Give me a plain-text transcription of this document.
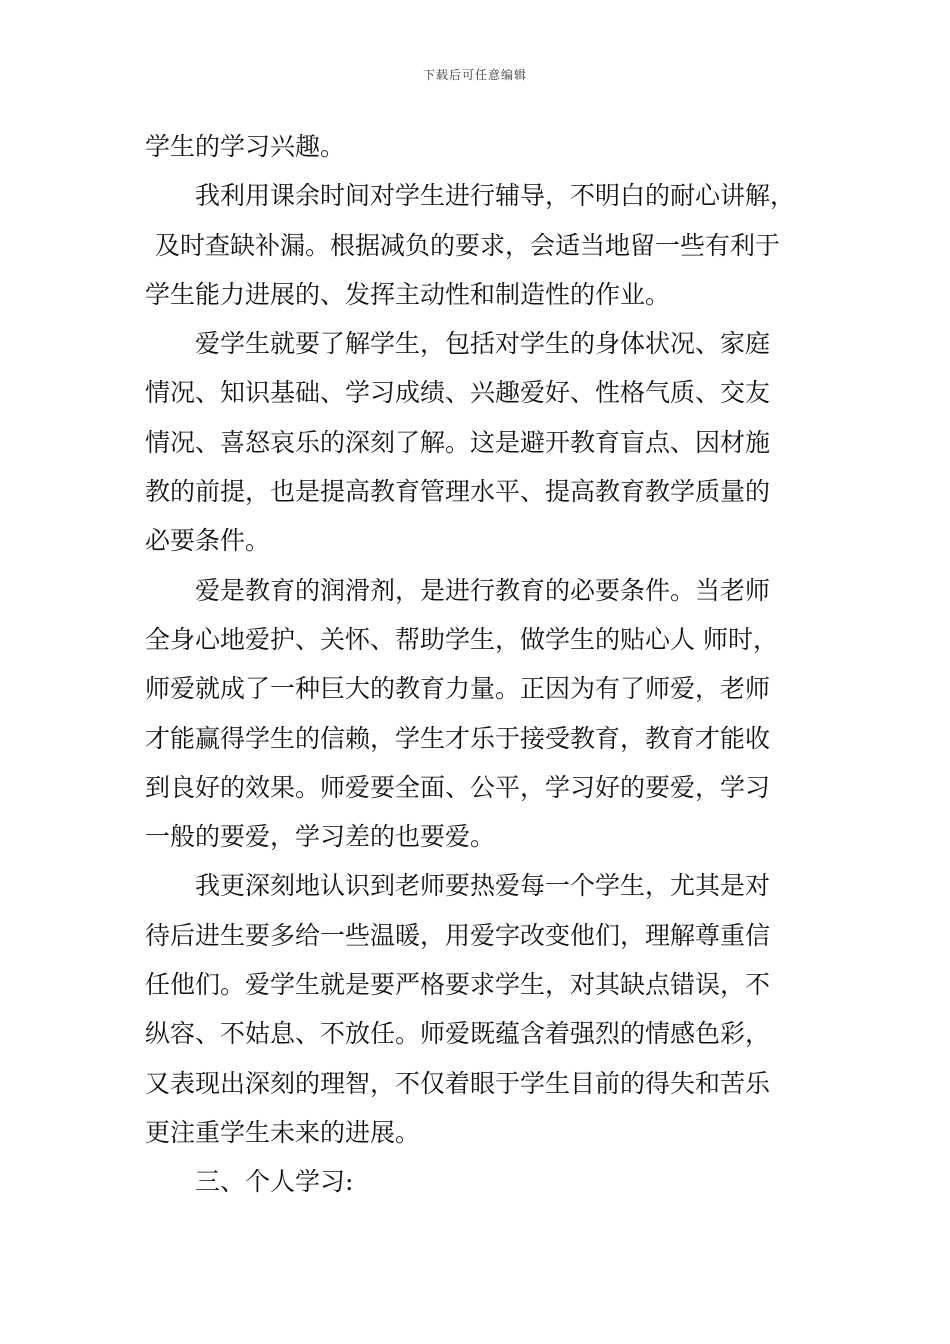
下载后可任意编辑
学生的学习兴趣。
我利用课余时间对学生进行辅导，不明白的耐心讲解，
及时查缺补漏。根据减负的要求，会适当地留一些有利于
学生能力进展的、发挥主动性和制造性的作业。
爱学生就要了解学生，包括对学生的身体状况、家庭
情况、知识基础、学习成绩、兴趣爱好、性格气质、交友
情况、喜怒哀乐的深刻了解。这是避开教育盲点、因材施
教的前提，也是提高教育管理水平、提高教育教学质量的
必要条件。
爱是教育的润滑剂，是进行教育的必要条件。当老师
全身心地爱护、关怀、帮助学生，做学生的贴心人 师时，
师爱就成了一种巨大的教育力量。正因为有了师爱，老师
才能赢得学生的信赖，学生才乐于接受教育，教育才能收
到良好的效果。师爱要全面、公平，学习好的要爱，学习
一般的要爱，学习差的也要爱。
我更深刻地认识到老师要热爱每一个学生，尤其是对
待后进生要多给一些温暖，用爱字改变他们，理解尊重信
任他们。爱学生就是要严格要求学生，对其缺点错误，不
纵容、不姑息、不放任。师爱既蕴含着强烈的情感色彩，
又表现出深刻的理智，不仅着眼于学生目前的得失和苦乐
更注重学生未来的进展。
三、个人学习:
